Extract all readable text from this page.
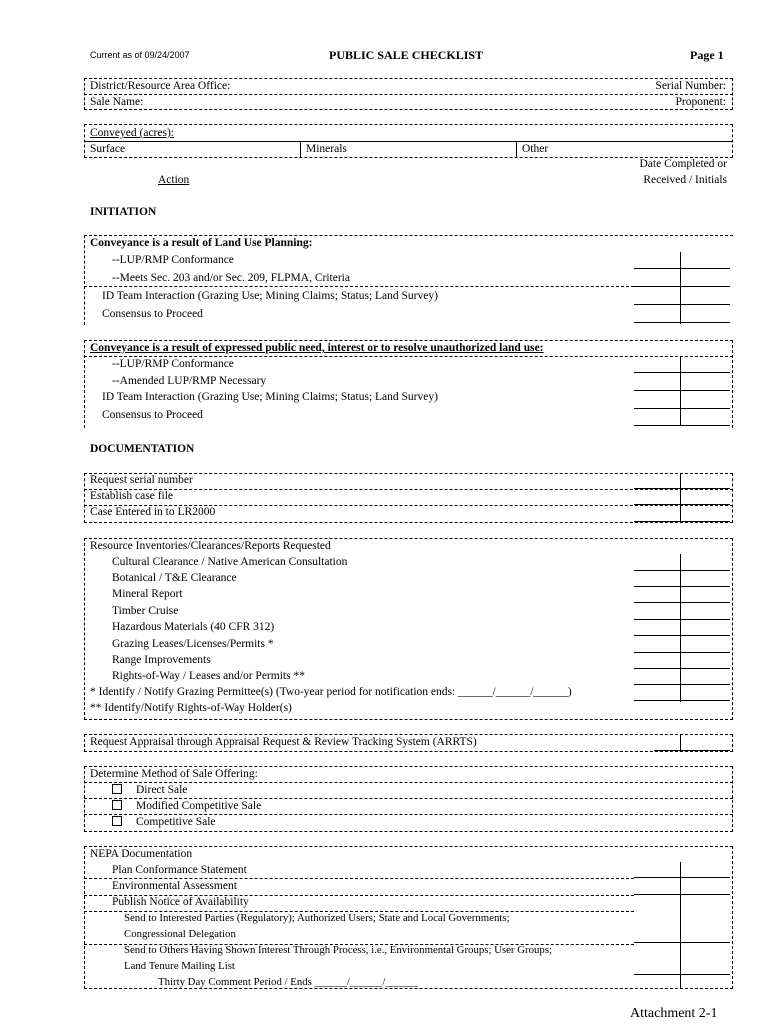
Current as of 09/24/2007	PUBLIC SALE CHECKLIST	Page 1
District/Resource Area Office:	Serial Number:
Sale Name:	Proponent:
Conveyed (acres):
Surface	Minerals	Other
Date Completed or
Received / Initials
Action
INITIATION
Conveyance is a result of Land Use Planning:
--LUP/RMP Conformance
--Meets Sec. 203 and/or Sec. 209, FLPMA, Criteria
ID Team Interaction (Grazing Use; Mining Claims; Status; Land Survey)
Consensus to Proceed
Conveyance is a result of expressed public need, interest or to resolve unauthorized land use:
--LUP/RMP Conformance
--Amended LUP/RMP Necessary
ID Team Interaction (Grazing Use; Mining Claims; Status; Land Survey)
Consensus to Proceed
DOCUMENTATION
Request serial number
Establish case file
Case Entered in to LR2000
Resource Inventories/Clearances/Reports Requested
Cultural Clearance / Native American Consultation
Botanical / T&E Clearance
Mineral Report
Timber Cruise
Hazardous Materials (40 CFR 312)
Grazing Leases/Licenses/Permits *
Range Improvements
Rights-of-Way / Leases and/or Permits **
* Identify / Notify Grazing Permittee(s) (Two-year period for notification ends: ______/______/______)
** Identify/Notify Rights-of-Way Holder(s)
Request Appraisal through Appraisal Request & Review Tracking System (ARRTS)
Determine Method of Sale Offering:
Direct Sale
Modified Competitive Sale
Competitive Sale
NEPA Documentation
Plan Conformance Statement
Environmental Assessment
Publish Notice of Availability
Send to Interested Parties (Regulatory); Authorized Users; State and Local Governments;
Congressional Delegation
Send to Others Having Shown Interest Through Process, i.e., Environmental Groups; User Groups;
Land Tenure Mailing List
Thirty Day Comment Period / Ends ______/______/______
Attachment 2-1
